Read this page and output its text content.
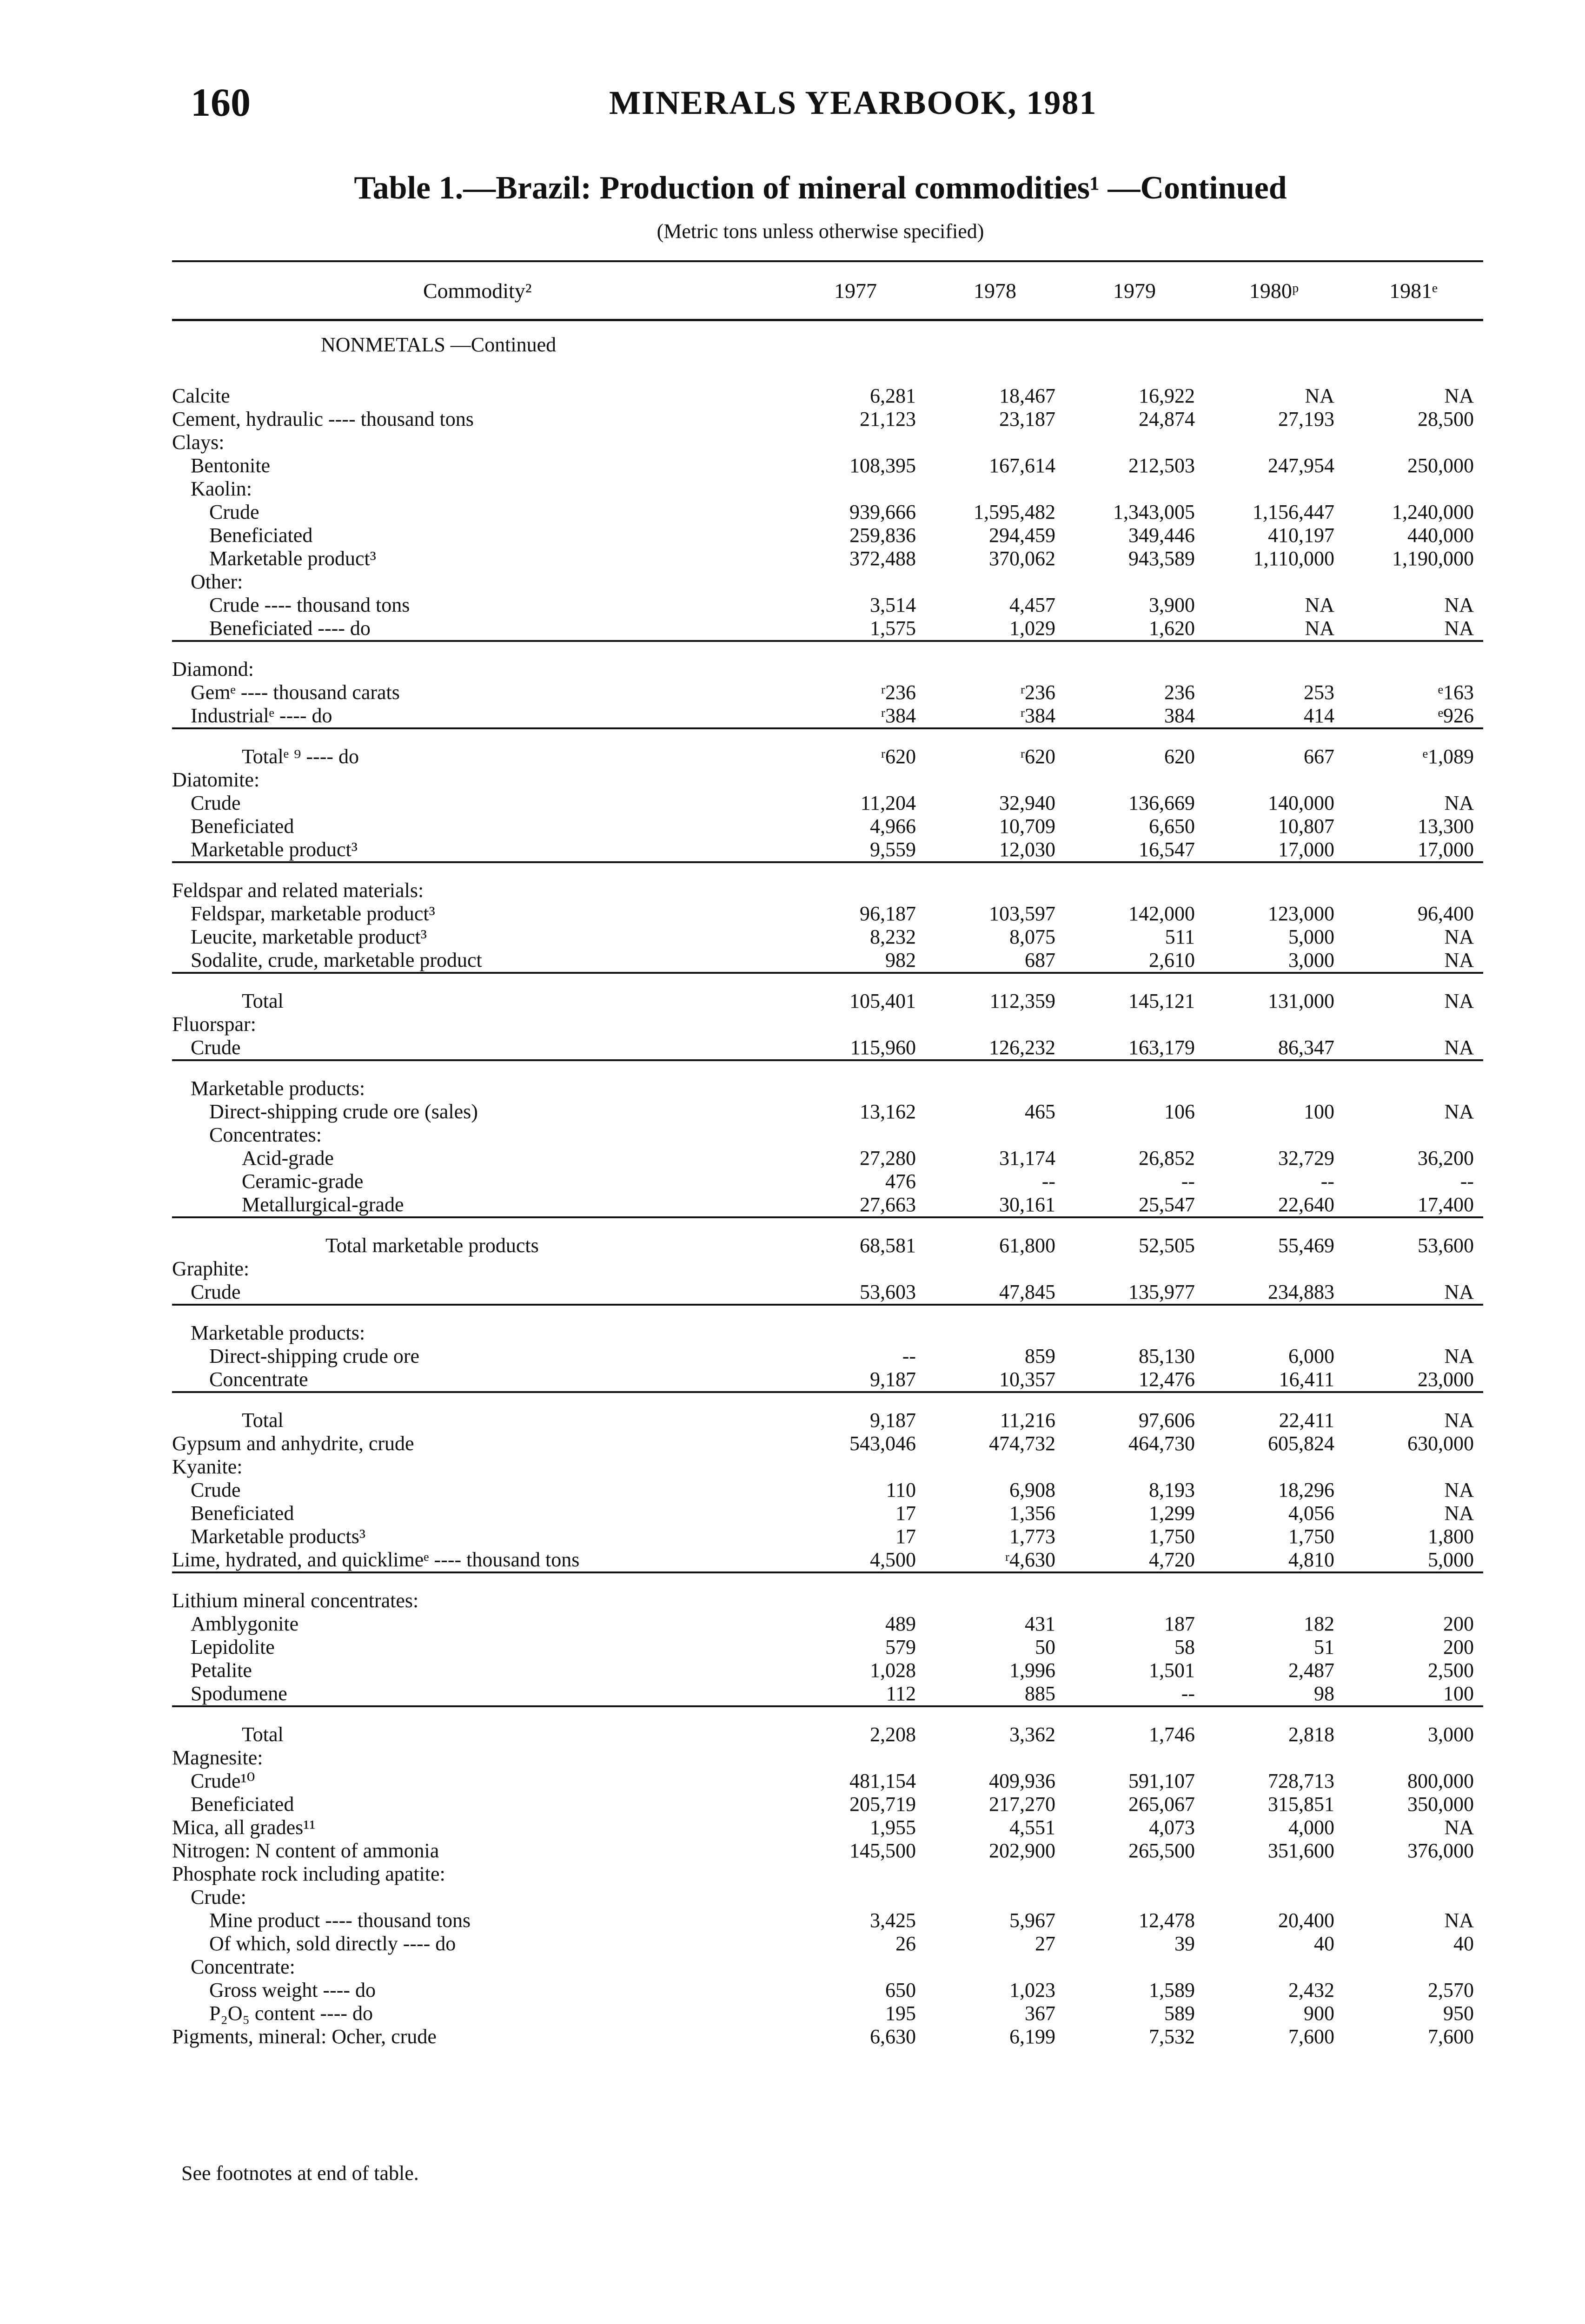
160	MINERALS YEARBOOK, 1981
Table 1.—Brazil: Production of mineral commodities¹ —Continued
(Metric tons unless otherwise specified)
Commodity²	1977	1978	1979	1980ᵖ	1981ᵉ
NONMETALS —Continued					
Calcite	6,281	18,467	16,922	NA	NA
Cement, hydraulic ---- thousand tons	21,123	23,187	24,874	27,193	28,500
Clays:					
Bentonite	108,395	167,614	212,503	247,954	250,000
Kaolin:					
Crude	939,666	1,595,482	1,343,005	1,156,447	1,240,000
Beneficiated	259,836	294,459	349,446	410,197	440,000
Marketable product³	372,488	370,062	943,589	1,110,000	1,190,000
Other:					
Crude ---- thousand tons	3,514	4,457	3,900	NA	NA
Beneficiated ---- do	1,575	1,029	1,620	NA	NA
Diamond:					
Gemᵉ ---- thousand carats	ʳ236	ʳ236	236	253	ᵉ163
Industrialᵉ ---- do	ʳ384	ʳ384	384	414	ᵉ926
Totalᵉ ⁹ ---- do	ʳ620	ʳ620	620	667	ᵉ1,089
Diatomite:					
Crude	11,204	32,940	136,669	140,000	NA
Beneficiated	4,966	10,709	6,650	10,807	13,300
Marketable product³	9,559	12,030	16,547	17,000	17,000
Feldspar and related materials:					
Feldspar, marketable product³	96,187	103,597	142,000	123,000	96,400
Leucite, marketable product³	8,232	8,075	511	5,000	NA
Sodalite, crude, marketable product	982	687	2,610	3,000	NA
Total	105,401	112,359	145,121	131,000	NA
Fluorspar:					
Crude	115,960	126,232	163,179	86,347	NA
Marketable products:					
Direct-shipping crude ore (sales)	13,162	465	106	100	NA
Concentrates:					
Acid-grade	27,280	31,174	26,852	32,729	36,200
Ceramic-grade	476	--	--	--	--
Metallurgical-grade	27,663	30,161	25,547	22,640	17,400
Total marketable products	68,581	61,800	52,505	55,469	53,600
Graphite:					
Crude	53,603	47,845	135,977	234,883	NA
Marketable products:					
Direct-shipping crude ore	--	859	85,130	6,000	NA
Concentrate	9,187	10,357	12,476	16,411	23,000
Total	9,187	11,216	97,606	22,411	NA
Gypsum and anhydrite, crude	543,046	474,732	464,730	605,824	630,000
Kyanite:					
Crude	110	6,908	8,193	18,296	NA
Beneficiated	17	1,356	1,299	4,056	NA
Marketable products³	17	1,773	1,750	1,750	1,800
Lime, hydrated, and quicklimeᵉ ---- thousand tons	4,500	ʳ4,630	4,720	4,810	5,000
Lithium mineral concentrates:					
Amblygonite	489	431	187	182	200
Lepidolite	579	50	58	51	200
Petalite	1,028	1,996	1,501	2,487	2,500
Spodumene	112	885	--	98	100
Total	2,208	3,362	1,746	2,818	3,000
Magnesite:					
Crude¹⁰	481,154	409,936	591,107	728,713	800,000
Beneficiated	205,719	217,270	265,067	315,851	350,000
Mica, all grades¹¹	1,955	4,551	4,073	4,000	NA
Nitrogen: N content of ammonia	145,500	202,900	265,500	351,600	376,000
Phosphate rock including apatite:					
Crude:					
Mine product ---- thousand tons	3,425	5,967	12,478	20,400	NA
Of which, sold directly ---- do	26	27	39	40	40
Concentrate:					
Gross weight ---- do	650	1,023	1,589	2,432	2,570
P₂O₅ content ---- do	195	367	589	900	950
Pigments, mineral: Ocher, crude	6,630	6,199	7,532	7,600	7,600
See footnotes at end of table.
